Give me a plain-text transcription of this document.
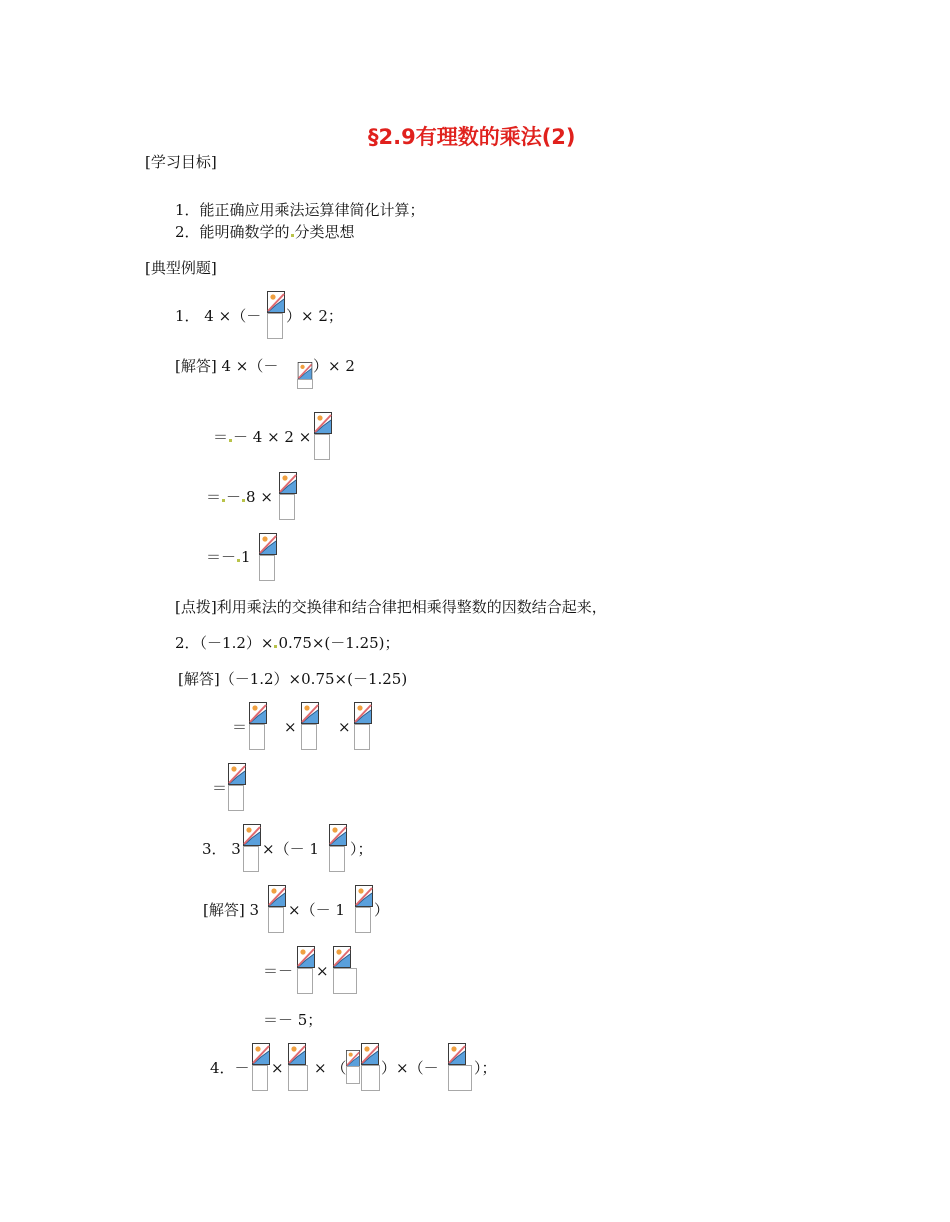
§2.9有理数的乘法(2)
[学习目标]
1．能正确应用乘法运算律简化计算；
2．能明确数学的 分类思想
[典型例题]
1． 4 ×（－ ）× 2；
[解答] 4 ×（－ ）× 2
＝ － 4 × 2 ×
＝ － 8 ×
＝－ 1
[点拨]利用乘法的交换律和结合律把相乘得整数的因数结合起来，
2．（－1.2）× 0.75×(－1.25)；
[解答]（－1.2）×0.75×(－1.25)
＝ ×	×
＝
3． 3 ×（－ 1 ）；
[解答] 3 ×（－ 1 ）
＝－ ×
＝－ 5；
4．－ × × （ ）×（－ ）；
